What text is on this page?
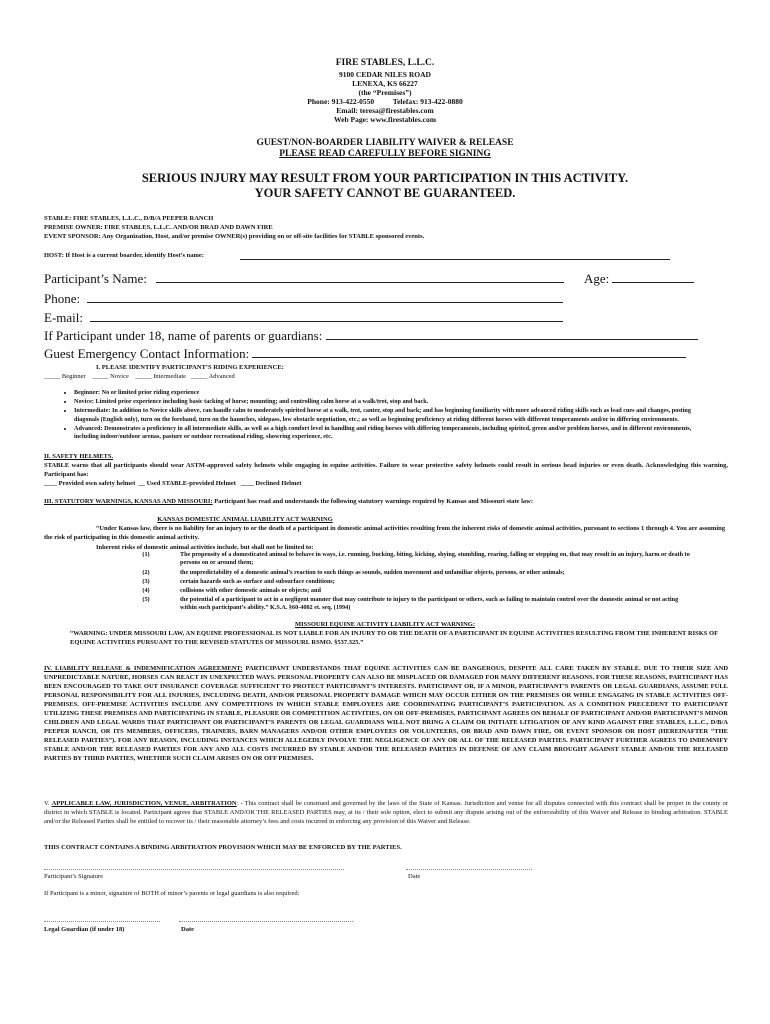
FIRE STABLES, L.L.C.
9100 CEDAR NILES ROAD
LENEXA, KS 66227
(the “Premises”)
Phone: 913-422-0550          Telefax: 913-422-0880
Email: teresa@firestables.com
Web Page: www.firestables.com
GUEST/NON-BOARDER LIABILITY WAIVER & RELEASE
PLEASE READ CAREFULLY BEFORE SIGNING
SERIOUS INJURY MAY RESULT FROM YOUR PARTICIPATION IN THIS ACTIVITY.
YOUR SAFETY CANNOT BE GUARANTEED.
STABLE: FIRE STABLES, L.L.C., D/B/A PEEPER RANCH
PREMISE OWNER: FIRE STABLES, L.L.C. AND/OR BRAD AND DAWN FIRE
EVENT SPONSOR: Any Organization, Host, and/or premise OWNER(s) providing on or off-site facilities for STABLE sponsored events.
HOST: If Host is a current boarder, identify Host’s name:
Participant’s Name:	Age:
Phone:
E-mail:
If Participant under 18, name of parents or guardians:
Guest Emergency Contact Information:
I. PLEASE IDENTIFY PARTICIPANT’S RIDING EXPERIENCE:
_____ Beginner    _____ Novice    _____ Intermediate   _____ Advanced
• Beginner: No or limited prior riding experience
• Novice: Limited prior experience including basic tacking of horse; mounting; and controlling calm horse at a walk/trot, stop and back.
• Intermediate: In addition to Novice skills above, can handle calm to moderately spirited horse at a walk, trot, canter, stop and back; and has beginning familiarity with more advanced riding skills such as lead cues and changes, posting diagonals (English only), turn on the forehand, turn on the haunches, sidepass, low obstacle negotiation, etc.; as well as beginning proficiency at riding different horses with different temperaments and/or in differing environments.
• Advanced: Demonstrates a proficiency in all intermediate skills, as well as a high comfort level in handling and riding horses with differing temperaments, including spirited, green and/or problem horses, and in different environments, including indoor/outdoor arenas, pasture or outdoor recreational riding, showring experience, etc.
II. SAFETY HELMETS.
STABLE warns that all participants should wear ASTM-approved safety helmets while engaging in equine activities. Failure to wear protective safety helmets could result in serious head injuries or even death. Acknowledging this warning, Participant has:
____ Provided own safety helmet  __ Used STABLE-provided Helmet   ____ Declined Helmet
III. STATUTORY WARNINGS, KANSAS AND MISSOURI: Participant has read and understands the following statutory warnings required by Kansas and Missouri state law:
KANSAS DOMESTIC ANIMAL LIABILITY ACT WARNING
“Under Kansas law, there is no liability for an injury to or the death of a participant in domestic animal activities resulting from the inherent risks of domestic animal activities, pursuant to sections 1 through 4. You are assuming the risk of participating in this domestic animal activity.
Inherent risks of domestic animal activities include, but shall not be limited to:
(1)	The propensity of a domesticated animal to behave in ways, i.e. running, bucking, biting, kicking, shying, stumbling, rearing, falling or stepping on, that may result in an injury, harm or death to persons on or around them;
(2)	the unpredictability of a domestic animal’s reaction to such things as sounds, sudden movement and unfamiliar objects, persons, or other animals;
(3)	certain hazards such as surface and subsurface conditions;
(4)	collisions with other domestic animals or objects; and
(5)	the potential of a participant to act in a negligent manner that may contribute to injury to the participant or others, such as failing to maintain control over the domestic animal or not acting within such participant’s ability.” K.S.A. §60-4002 et. seq. (1994)
MISSOURI EQUINE ACTIVITY LIABILITY ACT WARNING:
“WARNING: UNDER MISSOURI LAW, AN EQUINE PROFESSIONAL IS NOT LIABLE FOR AN INJURY TO OR THE DEATH OF A PARTICIPANT IN EQUINE ACTIVITIES RESULTING FROM THE INHERENT RISKS OF EQUINE ACTIVITIES PURSUANT TO THE REVISED STATUTES OF MISSOURI. RSMO. §537.325.”
IV. LIABILITY RELEASE & INDEMNIFICATION AGREEMENT: PARTICIPANT UNDERSTANDS THAT EQUINE ACTIVITIES CAN BE DANGEROUS, DESPITE ALL CARE TAKEN BY STABLE. DUE TO THEIR SIZE AND UNPREDICTABLE NATURE, HORSES CAN REACT IN UNEXPECTED WAYS. PERSONAL PROPERTY CAN ALSO BE MISPLACED OR DAMAGED FOR MANY DIFFERENT REASONS. FOR THESE REASONS, PARTICIPANT HAS BEEN ENCOURAGED TO TAKE OUT INSURANCE COVERAGE SUFFICIENT TO PROTECT PARTICIPANT’S INTERESTS. PARTICIPANT OR, IF A MINOR, PARTICIPANT’S PARENTS OR LEGAL GUARDIANS, ASSUME FULL PERSONAL RESPONSIBILITY FOR ALL INJURIES, INCLUDING DEATH, AND/OR PERSONAL PROPERTY DAMAGE WHICH MAY OCCUR EITHER ON THE PREMISES OR WHILE ENGAGING IN STABLE ACTIVITIES OFF-PREMISES. OFF-PREMISE ACTIVITIES INCLUDE ANY COMPETITIONS IN WHICH STABLE EMPLOYEES ARE COORDINATING PARTICIPANT’S PARTICIPATION. AS A CONDITION PRECEDENT TO PARTICIPANT UTILIZING THESE PREMISES AND PARTICIPATING IN STABLE, PLEASURE OR COMPETITION ACTIVITIES, ON OR OFF-PREMISES, PARTICIPANT AGREES ON BEHALF OF PARTICIPANT AND/OR PARTICIPANT’S MINOR CHILDREN AND LEGAL WARDS THAT PARTICIPANT OR PARTICIPANT’S PARENTS OR LEGAL GUARDIANS WILL NOT BRING A CLAIM OR INITIATE LITIGATION OF ANY KIND AGAINST FIRE STABLES, L.L.C., D/B/A PEEPER RANCH, OR ITS MEMBERS, OFFICERS, TRAINERS, BARN MANAGERS AND/OR OTHER EMPLOYEES OR VOLUNTEERS, OR BRAD AND DAWN FIRE, OR EVENT SPONSOR OR HOST (HEREINAFTER “THE RELEASED PARTIES”). FOR ANY REASON, INCLUDING INSTANCES WHICH ALLEGEDLY INVOLVE THE NEGLIGENCE OF ANY OR ALL OF THE RELEASED PARTIES. PARTICIPANT FURTHER AGREES TO INDEMNIFY STABLE AND/OR THE RELEASED PARTIES FOR ANY AND ALL COSTS INCURRED BY STABLE AND/OR THE RELEASED PARTIES IN DEFENSE OF ANY CLAIM BROUGHT AGAINST STABLE AND/OR THE RELEASED PARTIES BY THIRD PARTIES, WHETHER SUCH CLAIM ARISES ON OR OFF PREMISES.
V. APPLICABLE LAW, JURISDICTION, VENUE, ARBITRATION: - This contract shall be construed and governed by the laws of the State of Kansas. Jurisdiction and venue for all disputes connected with this contract shall be proper in the county or district in which STABLE is located. Participant agrees that STABLE AND/OR THE RELEASED PARTIES may, at its / their sole option, elect to submit any dispute arising out of the enforceability of this Waiver and Release to binding arbitration. STABLE and/or the Released Parties shall be entitled to recover its / their reasonable attorney’s fees and costs incurred in enforcing any provision of this Waiver and Release.
THIS CONTRACT CONTAINS A BINDING ARBITRATION PROVISION WHICH MAY BE ENFORCED BY THE PARTIES.
Participant’s Signature	Date
If Participant is a minor, signature of BOTH of minor’s parents or legal guardians is also required:
Legal Guardian (if under 18)	Date
